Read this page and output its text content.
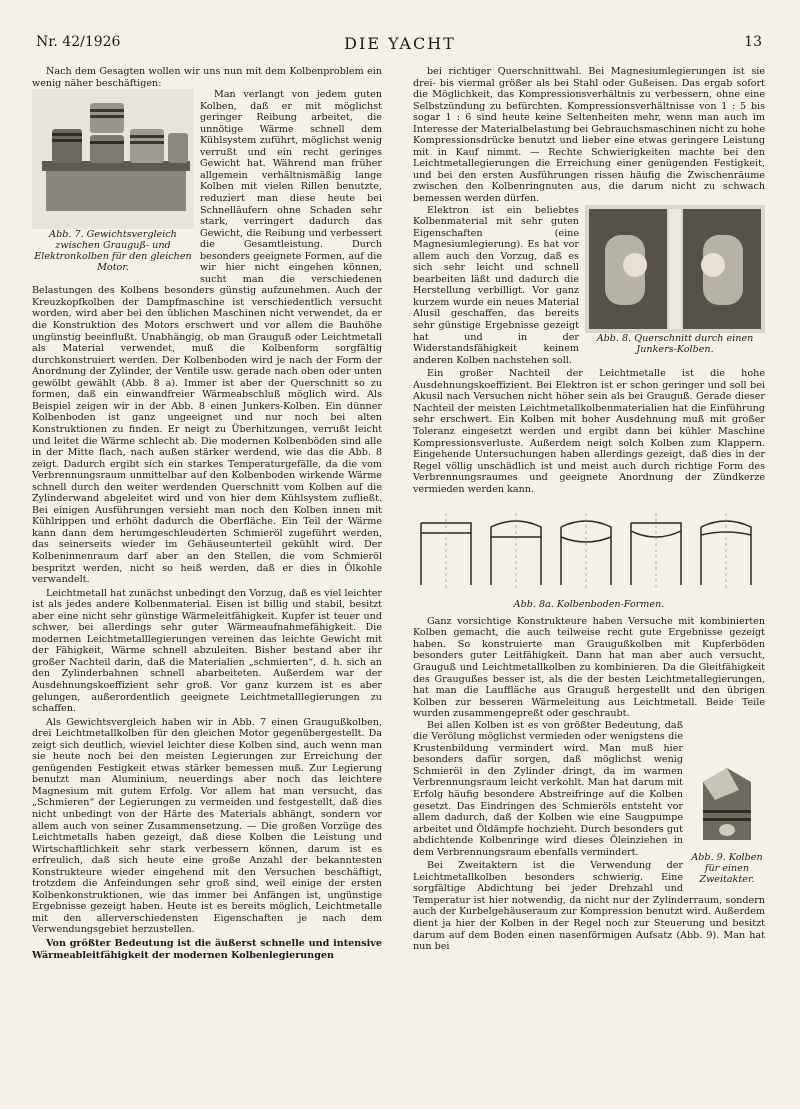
Nr. 42/1926	DIE YACHT	13

Nach dem Gesagten wollen wir uns nun mit dem Kolbenproblem ein wenig näher beschäftigen:

Abb. 7. Gewichtsvergleich zwischen Grauguß- und Elektronkolben für den gleichen Motor.

Man verlangt von jedem guten Kolben, daß er mit möglichst geringer Reibung arbeitet, die unnötige Wärme schnell dem Kühlsystem zuführt, möglichst wenig verrußt und ein recht geringes Gewicht hat. Während man früher allgemein verhältnismäßig lange Kolben mit vielen Rillen benutzte, reduziert man diese heute bei Schnelläufern ohne Schaden sehr stark, verringert dadurch das Gewicht, die Reibung und verbessert die Gesamtleistung. Durch besonders geeignete Formen, auf die wir hier nicht eingehen können, sucht man die verschiedenen Belastungen des Kolbens besonders günstig aufzunehmen. Auch der Kreuzkopfkolben der Dampfmaschine ist verschiedentlich versucht worden, wird aber bei den üblichen Maschinen nicht verwendet, da er die Konstruktion des Motors erschwert und vor allem die Bauhöhe ungünstig beeinflußt. Unabhängig, ob man Grauguß oder Leichtmetall als Material verwendet, muß die Kolbenform sorgfältig durchkonstruiert werden. Der Kolbenboden wird je nach der Form der Anordnung der Zylinder, der Ventile usw. gerade nach oben oder unten gewölbt gewählt (Abb. 8 a). Immer ist aber der Querschnitt so zu formen, daß ein einwandfreier Wärmeabschluß möglich wird. Als Beispiel zeigen wir in der Abb. 8 einen Junkers-Kolben. Ein dünner Kolbenboden ist ganz ungeeignet und nur noch bei alten Konstruktionen zu finden. Er neigt zu Überhitzungen, verrußt leicht und leitet die Wärme schlecht ab. Die modernen Kolbenböden sind alle in der Mitte flach, nach außen stärker werdend, wie das die Abb. 8 zeigt. Dadurch ergibt sich ein starkes Temperaturgefälle, da die vom Verbrennungsraum unmittelbar auf den Kolbenboden wirkende Wärme schnell durch den weiter werdenden Querschnitt vom Kolben auf die Zylinderwand abgeleitet wird und von hier dem Kühlsystem zufließt. Bei einigen Ausführungen versieht man noch den Kolben innen mit Kühlrippen und erhöht dadurch die Oberfläche. Ein Teil der Wärme kann dann dem herumgeschleuderten Schmieröl zugeführt werden, das seinerseits wieder im Gehäuseunterteil gekühlt wird. Der Kolbeninnenraum darf aber an den Stellen, die vom Schmieröl bespritzt werden, nicht so heiß werden, daß er dies in Ölkohle verwandelt.

Leichtmetall hat zunächst unbedingt den Vorzug, daß es viel leichter ist als jedes andere Kolbenmaterial. Eisen ist billig und stabil, besitzt aber eine nicht sehr günstige Wärmeleitfähigkeit. Kupfer ist teuer und schwer, bei allerdings sehr guter Wärmeaufnahmefähigkeit. Die modernen Leichtmetalllegierungen vereinen das leichte Gewicht mit der Fähigkeit, Wärme schnell abzuleiten. Bisher bestand aber ihr großer Nachteil darin, daß die Materialien „schmierten“, d. h. sich an den Zylinderbahnen schnell abarbeiteten. Außerdem war der Ausdehnungskoeffizient sehr groß. Vor ganz kurzem ist es aber gelungen, außerordentlich geeignete Leichtmetalllegierungen zu schaffen.

Als Gewichtsvergleich haben wir in Abb. 7 einen Graugußkolben, drei Leichtmetallkolben für den gleichen Motor gegenübergestellt. Da zeigt sich deutlich, wieviel leichter diese Kolben sind, auch wenn man sie heute noch bei den meisten Legierungen zur Erreichung der genügenden Festigkeit etwas stärker bemessen muß. Zur Legierung benutzt man Aluminium, neuerdings aber noch das leichtere Magnesium mit gutem Erfolg. Vor allem hat man versucht, das „Schmieren“ der Legierungen zu vermeiden und festgestellt, daß dies nicht unbedingt von der Härte des Materials abhängt, sondern vor allem auch von seiner Zusammensetzung. — Die großen Vorzüge des Leichtmetalls haben gezeigt, daß diese Kolben die Leistung und Wirtschaftlichkeit sehr stark verbessern können, darum ist es erfreulich, daß sich heute eine große Anzahl der bekanntesten Konstrukteure wieder eingehend mit den Versuchen beschäftigt, trotzdem die Anfeindungen sehr groß sind, weil einige der ersten Kolbenkonstruktionen, wie das immer bei Anfängen ist, ungünstige Ergebnisse gezeigt haben. Heute ist es bereits möglich, Leichtmetalle mit den allerverschiedensten Eigenschaften je nach dem Verwendungsgebiet herzustellen.

Von größter Bedeutung ist die äußerst schnelle und intensive Wärmeableitfähigkeit der modernen Kolbenlegierungen

bei richtiger Querschnittwahl. Bei Magnesiumlegierungen ist sie drei- bis viermal größer als bei Stahl oder Gußeisen. Das ergab sofort die Möglichkeit, das Kompressionsverhältnis zu verbessern, ohne eine Selbstzündung zu befürchten. Kompressionsverhältnisse von 1 : 5 bis sogar 1 : 6 sind heute keine Seltenheiten mehr, wenn man auch im Interesse der Materialbelastung bei Gebrauchsmaschinen nicht zu hohe Kompressionsdrücke benutzt und lieber eine etwas geringere Leistung mit in Kauf nimmt. — Rechte Schwierigkeiten machte bei den Leichtmetallegierungen die Erreichung einer genügenden Festigkeit, und bei den ersten Ausführungen rissen häufig die Zwischenräume zwischen den Kolbenringnuten aus, die darum nicht zu schwach bemessen werden dürfen.

Abb. 8. Querschnitt durch einen Junkers-Kolben.

Elektron ist ein beliebtes Kolbenmaterial mit sehr guten Eigenschaften (eine Magnesiumlegierung). Es hat vor allem auch den Vorzug, daß es sich sehr leicht und schnell bearbeiten läßt und dadurch die Herstellung verbilligt. Vor ganz kurzem wurde ein neues Material Alusil geschaffen, das bereits sehr günstige Ergebnisse gezeigt hat und in der Widerstandsfähigkeit keinem anderen Kolben nachstehen soll.

Ein großer Nachteil der Leichtmetalle ist die hohe Ausdehnungskoeffizient. Bei Elektron ist er schon geringer und soll bei Akusil nach Versuchen nicht höher sein als bei Grauguß. Gerade dieser Nachteil der meisten Leichtmetallkolbenmaterialien hat die Einführung sehr erschwert. Ein Kolben mit hoher Ausdehnung muß mit großer Toleranz eingesetzt werden und ergibt dann bei kühler Maschine Kompressionsverluste. Außerdem neigt solch Kolben zum Klappern. Eingehende Untersuchungen haben allerdings gezeigt, daß dies in der Regel völlig unschädlich ist und meist auch durch richtige Form des Verbrennungsraumes und geeignete Anordnung der Zündkerze vermieden werden kann.

Abb. 8a. Kolbenboden-Formen.

Ganz vorsichtige Konstrukteure haben Versuche mit kombinierten Kolben gemacht, die auch teilweise recht gute Ergebnisse gezeigt haben. So konstruierte man Graugußkolben mit Kupferböden besonders guter Leitfähigkeit. Dann hat man aber auch versucht, Grauguß und Leichtmetallkolben zu kombinieren. Da die Gleitfähigkeit des Graugußes besser ist, als die der besten Leichtmetallegierungen, hat man die Lauffläche aus Grauguß hergestellt und den übrigen Kolben zur besseren Wärmeleitung aus Leichtmetall. Beide Teile wurden zusammengepreßt oder geschraubt.

Abb. 9. Kolben für einen Zweitakter.

Bei allen Kolben ist es von größter Bedeutung, daß die Verölung möglichst vermieden oder wenigstens die Krustenbildung vermindert wird. Man muß hier besonders dafür sorgen, daß möglichst wenig Schmieröl in den Zylinder dringt, da im warmen Verbrennungsraum leicht verkohlt. Man hat darum mit Erfolg häufig besondere Abstreifringe auf die Kolben gesetzt. Das Eindringen des Schmieröls entsteht vor allem dadurch, daß der Kolben wie eine Saugpumpe arbeitet und Öldämpfe hochzieht. Durch besonders gut abdichtende Kolbenringe wird dieses Öleinziehen in dem Verbrennungsraum ebenfalls vermindert.

Bei Zweitaktern ist die Verwendung der Leichtmetallkolben besonders schwierig. Eine sorgfältige Abdichtung bei jeder Drehzahl und Temperatur ist hier notwendig, da nicht nur der Zylinderraum, sondern auch der Kurbelgehäuseraum zur Kompression benutzt wird. Außerdem dient ja hier der Kolben in der Regel noch zur Steuerung und besitzt darum auf dem Boden einen nasenförmigen Aufsatz (Abb. 9). Man hat nun bei
